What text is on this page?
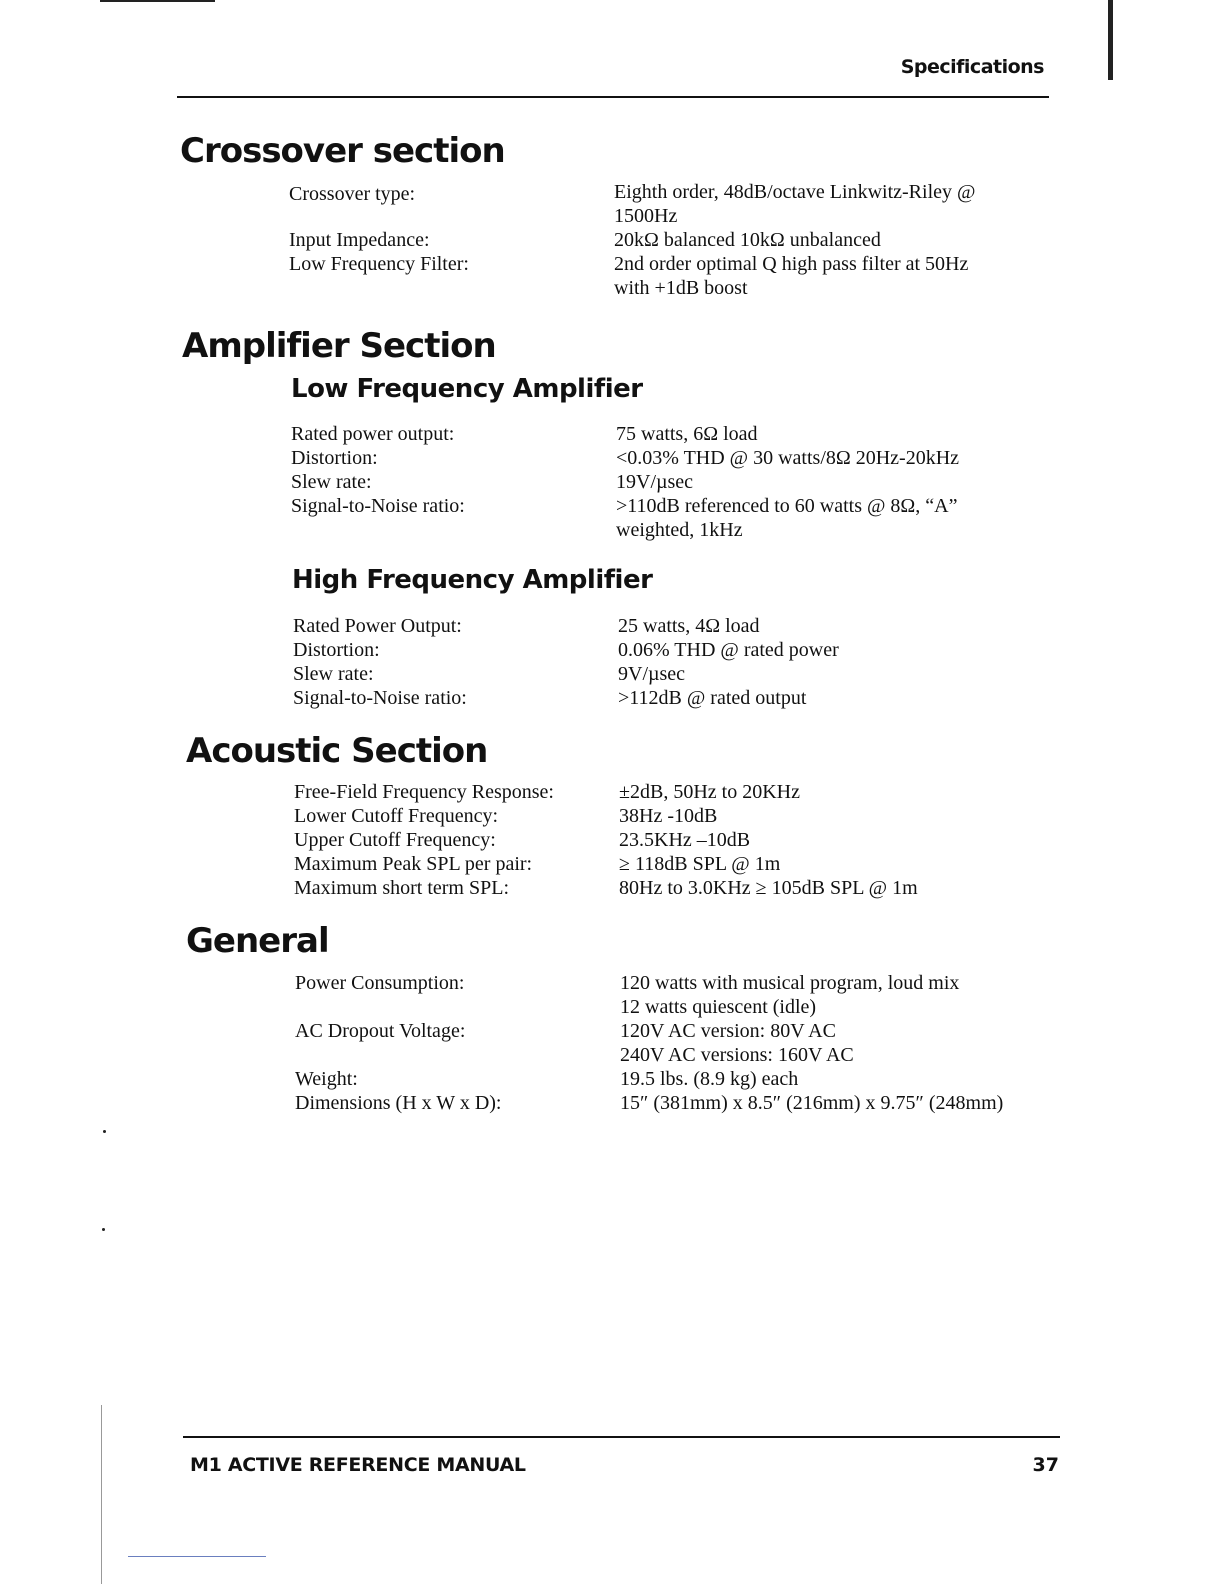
Specifications
Crossover section
Crossover type:	Eighth order, 48dB/octave Linkwitz-Riley @
1500Hz
Input Impedance:	20kΩ balanced 10kΩ unbalanced
Low Frequency Filter:	2nd order optimal Q high pass filter at 50Hz
with +1dB boost
Amplifier Section
Low Frequency Amplifier
Rated power output:	75 watts, 6Ω load
Distortion:	<0.03% THD @ 30 watts/8Ω 20Hz-20kHz
Slew rate:	19V/µsec
Signal-to-Noise ratio:	>110dB referenced to 60 watts @ 8Ω, “A”
weighted, 1kHz
High Frequency Amplifier
Rated Power Output:	25 watts, 4Ω load
Distortion:	0.06% THD @ rated power
Slew rate:	9V/µsec
Signal-to-Noise ratio:	>112dB @ rated output
Acoustic Section
Free-Field Frequency Response:	±2dB, 50Hz to 20KHz
Lower Cutoff Frequency:	38Hz -10dB
Upper Cutoff Frequency:	23.5KHz –10dB
Maximum Peak SPL per pair:	≥ 118dB SPL @ 1m
Maximum short term SPL:	80Hz to 3.0KHz ≥ 105dB SPL @ 1m
General
Power Consumption:	120 watts with musical program, loud mix
12 watts quiescent (idle)
AC Dropout Voltage:	120V AC version: 80V AC
240V AC versions: 160V AC
Weight:	19.5 lbs. (8.9 kg) each
Dimensions (H x W x D):	15″ (381mm) x 8.5″ (216mm) x 9.75″ (248mm)
M1 ACTIVE REFERENCE MANUAL	37
